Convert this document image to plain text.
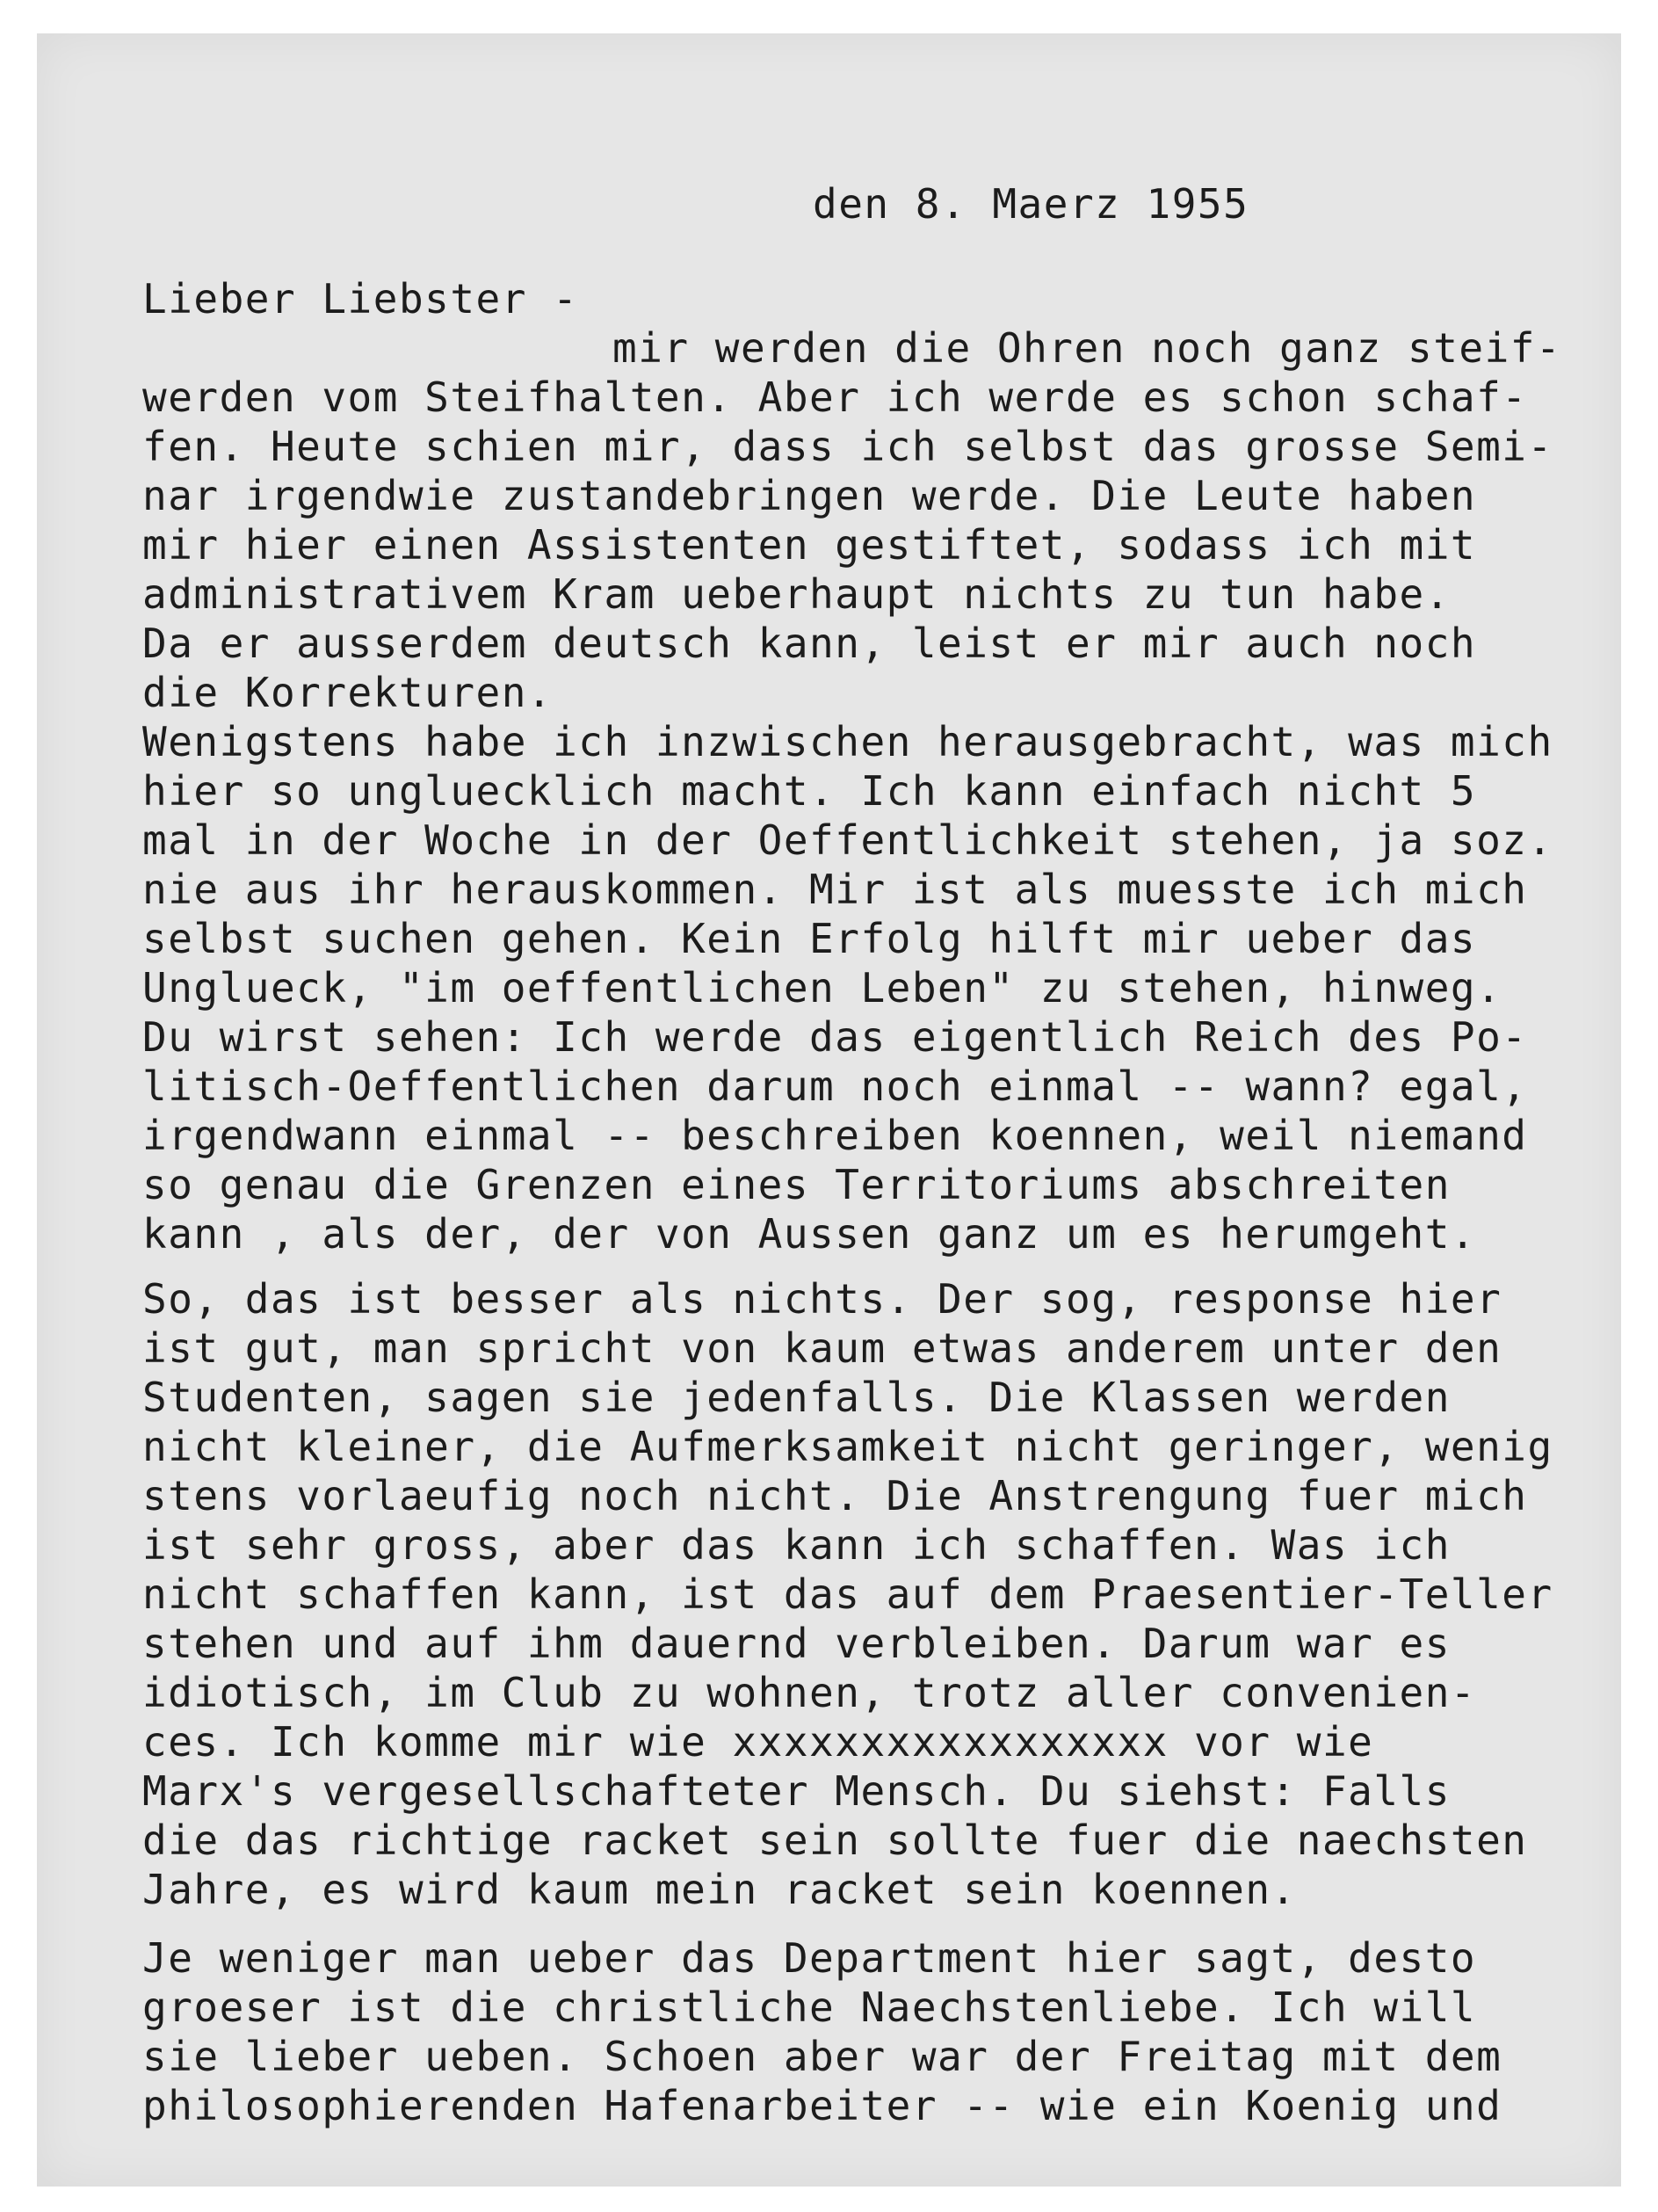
den 8. Maerz 1955
Lieber Liebster -
mir werden die Ohren noch ganz steif-
werden vom Steifhalten. Aber ich werde es schon schaf-
fen. Heute schien mir, dass ich selbst das grosse Semi-
nar irgendwie zustandebringen werde. Die Leute haben
mir hier einen Assistenten gestiftet, sodass ich mit
administrativem Kram ueberhaupt nichts zu tun habe.
Da er ausserdem deutsch kann, leist er mir auch noch
die Korrekturen.
Wenigstens habe ich inzwischen herausgebracht, was mich
hier so ungluecklich macht. Ich kann einfach nicht 5
mal in der Woche in der Oeffentlichkeit stehen, ja soz.
nie aus ihr herauskommen. Mir ist als muesste ich mich
selbst suchen gehen. Kein Erfolg hilft mir ueber das
Unglueck, "im oeffentlichen Leben" zu stehen, hinweg.
Du wirst sehen: Ich werde das eigentlich Reich des Po-
litisch-Oeffentlichen darum noch einmal -- wann? egal,
irgendwann einmal -- beschreiben koennen, weil niemand
so genau die Grenzen eines Territoriums abschreiten
kann , als der, der von Aussen ganz um es herumgeht.
So, das ist besser als nichts. Der sog, response hier
ist gut, man spricht von kaum etwas anderem unter den
Studenten, sagen sie jedenfalls. Die Klassen werden
nicht kleiner, die Aufmerksamkeit nicht geringer, wenig
stens vorlaeufig noch nicht. Die Anstrengung fuer mich
ist sehr gross, aber das kann ich schaffen. Was ich
nicht schaffen kann, ist das auf dem Praesentier-Teller
stehen und auf ihm dauernd verbleiben. Darum war es
idiotisch, im Club zu wohnen, trotz aller convenien-
ces. Ich komme mir wie xxxxxxxxxxxxxxxxx vor wie
Marx's vergesellschafteter Mensch. Du siehst: Falls
die das richtige racket sein sollte fuer die naechsten
Jahre, es wird kaum mein racket sein koennen.
Je weniger man ueber das Department hier sagt, desto
groeser ist die christliche Naechstenliebe. Ich will
sie lieber ueben. Schoen aber war der Freitag mit dem
philosophierenden Hafenarbeiter -- wie ein Koenig und
